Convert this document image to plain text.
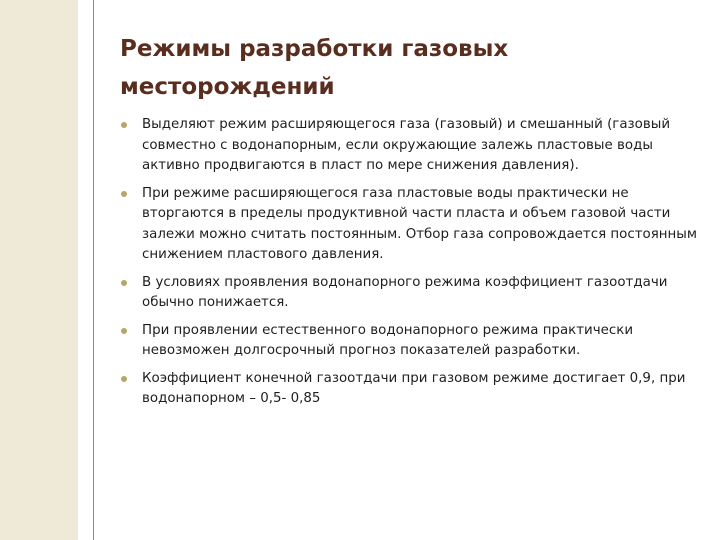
Режимы разработки газовых месторождений
Выделяют режим расширяющегося газа (газовый) и смешанный (газовый совместно с водонапорным, если окружающие залежь пластовые воды активно продвигаются в пласт по мере снижения давления).
При режиме расширяющегося газа пластовые воды практически не вторгаются в пределы продуктивной части пласта и объем газовой части залежи можно считать постоянным. Отбор газа сопровождается постоянным снижением пластового давления.
В условиях проявления водонапорного режима коэффициент газоотдачи обычно понижается.
При проявлении естественного водонапорного режима практически невозможен долгосрочный прогноз показателей разработки.
Коэффициент конечной газоотдачи при газовом режиме достигает 0,9, при водонапорном – 0,5- 0,85
